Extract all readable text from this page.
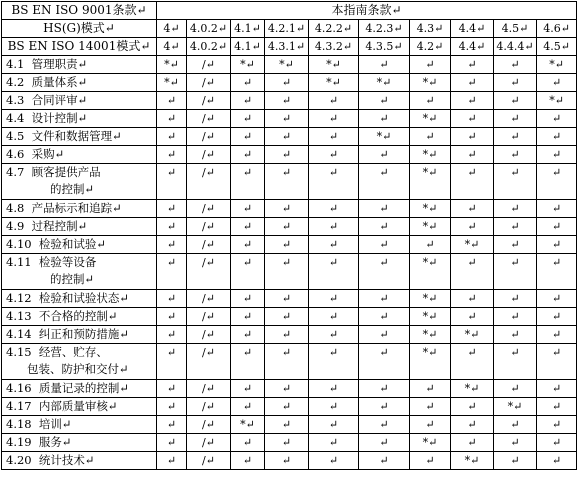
BS EN ISO 9001条款↵	本指南条款↵									
HS(G)模式↵	4↵	4.0.2↵	4.1↵	4.2.1↵	4.2.2↵	4.2.3↵	4.3↵	4.4↵	4.5↵	4.6↵
BS EN ISO 14001模式↵	4↵	4.0.2↵	4.1↵	4.3.1↵	4.3.2↵	4.3.5↵	4.2↵	4.4↵	4.4.4↵	4.5↵
4.1 管理职责↵	*↵	/↵	*↵	*↵	*↵	↵	↵	↵	↵	*↵
4.2 质量体系↵	*↵	/↵	↵	↵	*↵	*↵	*↵	↵	↵	↵
4.3 合同评审↵	↵	/↵	↵	↵	↵	↵	↵	↵	↵	*↵
4.4 设计控制↵	↵	/↵	↵	↵	↵	↵	*↵	↵	↵	↵
4.5 文件和数据管理↵	↵	/↵	↵	↵	↵	*↵	↵	↵	↵	↵
4.6 采购↵	↵	/↵	↵	↵	↵	↵	*↵	↵	↵	↵
4.7 顾客提供产品
的控制↵	↵	/↵	↵	↵	↵	↵	*↵	↵	↵	↵
4.8 产品标示和追踪↵	↵	/↵	↵	↵	↵	↵	*↵	↵	↵	↵
4.9 过程控制↵	↵	/↵	↵	↵	↵	↵	*↵	↵	↵	↵
4.10 检验和试验↵	↵	/↵	↵	↵	↵	↵	↵	*↵	↵	↵
4.11 检验等设备
的控制↵	↵	/↵	↵	↵	↵	↵	*↵	↵	↵	↵
4.12 检验和试验状态↵	↵	/↵	↵	↵	↵	↵	*↵	↵	↵	↵
4.13 不合格的控制↵	↵	/↵	↵	↵	↵	↵	*↵	↵	↵	↵
4.14 纠正和预防措施↵	↵	/↵	↵	↵	↵	↵	*↵	*↵	↵	↵
4.15 经营、贮存、
包装、防护和交付↵	↵	/↵	↵	↵	↵	↵	*↵	↵	↵	↵
4.16 质量记录的控制↵	↵	/↵	↵	↵	↵	↵	↵	*↵	↵	↵
4.17 内部质量审核↵	↵	/↵	↵	↵	↵	↵	↵	↵	*↵	↵
4.18 培训↵	↵	/↵	*↵	↵	↵	↵	↵	↵	↵	↵
4.19 服务↵	↵	/↵	↵	↵	↵	↵	*↵	↵	↵	↵
4.20 统计技术↵	↵	/↵	↵	↵	↵	↵	↵	*↵	↵	↵
